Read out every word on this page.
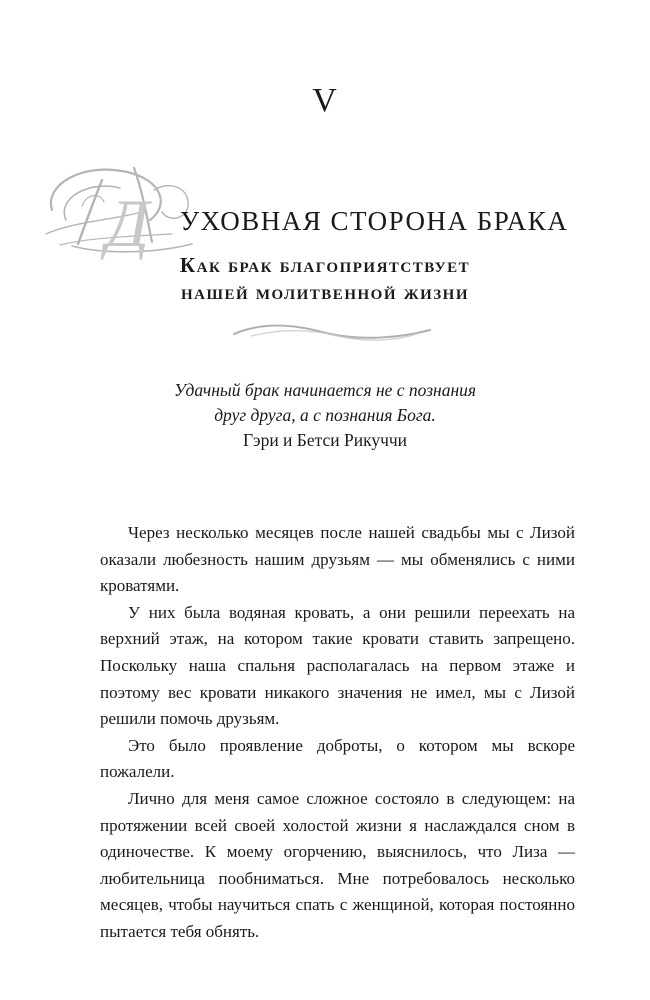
V
Д УХОВНАЯ СТОРОНА БРАКА
Как брак благоприятствует
нашей молитвенной жизни
Удачный брак начинается не с познания
друг друга, а с познания Бога.
Гэри и Бетси Рикуччи

Через несколько месяцев после нашей свадьбы мы с Лизой оказали любезность нашим друзьям — мы обменялись с ними кроватями.

У них была водяная кровать, а они решили переехать на верхний этаж, на котором такие кровати ставить запрещено. Поскольку наша спальня располагалась на первом этаже и поэтому вес кровати никакого значения не имел, мы с Лизой решили помочь друзьям.

Это было проявление доброты, о котором мы вскоре пожалели.

Лично для меня самое сложное состояло в следующем: на протяжении всей своей холостой жизни я наслаждался сном в одиночестве. К моему огорчению, выяснилось, что Лиза — любительница пообниматься. Мне потребовалось несколько месяцев, чтобы научиться спать с женщиной, которая постоянно пытается тебя обнять.
